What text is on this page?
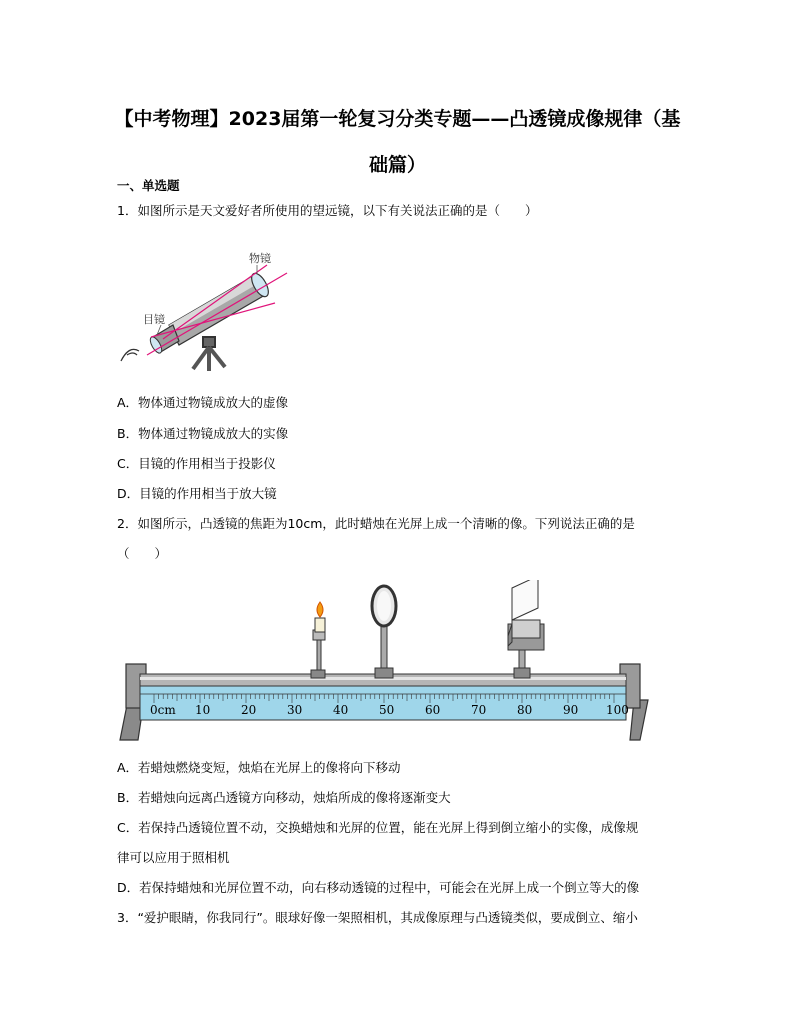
【中考物理】2023届第一轮复习分类专题——凸透镜成像规律（基础篇）
一、单选题
1．如图所示是天文爱好者所使用的望远镜，以下有关说法正确的是（　　）
物镜
目镜
A．物体通过物镜成放大的虚像
B．物体通过物镜成放大的实像
C．目镜的作用相当于投影仪
D．目镜的作用相当于放大镜
2．如图所示，凸透镜的焦距为10cm，此时蜡烛在光屏上成一个清晰的像。下列说法正确的是
（　　）
0cm 10	20	30	40	50	60	70	80	90 100
A．若蜡烛燃烧变短，烛焰在光屏上的像将向下移动
B．若蜡烛向远离凸透镜方向移动，烛焰所成的像将逐渐变大
C．若保持凸透镜位置不动，交换蜡烛和光屏的位置，能在光屏上得到倒立缩小的实像，成像规
律可以应用于照相机
D．若保持蜡烛和光屏位置不动，向右移动透镜的过程中，可能会在光屏上成一个倒立等大的像
3．“爱护眼睛，你我同行”。眼球好像一架照相机，其成像原理与凸透镜类似，要成倒立、缩小
